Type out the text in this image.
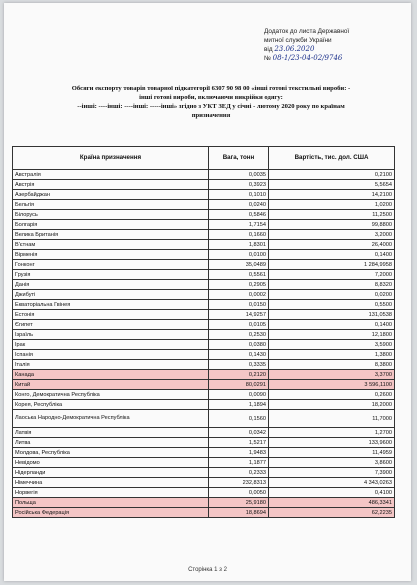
Додаток до листа Державної
митної служби України
від 23.06.2020
№ 08-1/23-04-02/9746
Обсяги експорту товарів товарної підкатегорії 6307 90 98 00 «інші готові текстильні вироби: -
інші готові вироби, включаючи викрійки одягу:
--інші: ----інші: ----інші: -----інші» згідно з УКТ ЗЕД у січні - лютому 2020 року по країнам
призначення
Країна призначення	Вага, тонн	Вартість, тис. дол. США
Австралія	0,0035	0,2100
Австрія	0,3923	5,5654
Азербайджан	0,1010	14,2100
Бельгія	0,0240	1,0200
Білорусь	0,5846	11,2500
Болгарія	1,7154	99,8800
Велика Британія	0,1660	3,2000
В'єтнам	1,8301	26,4000
Вірменія	0,0100	0,1400
Гонконг	35,0489	1 284,9958
Грузія	0,5561	7,2000
Данія	0,2905	8,8320
Джибуті	0,0002	0,0200
Екваторіальна Гвінея	0,0150	0,5500
Естонія	14,9257	131,0538
Єгипет	0,0105	0,1400
Ізраїль	0,2530	12,1800
Ірак	0,0380	3,5900
Іспанія	0,1430	1,3800
Італія	0,3335	8,3800
Канада	0,2120	3,3700
Китай	80,0291	3 596,1100
Конго, Демократична Республіка	0,0090	0,2600
Корея, Республіка	1,1894	18,2000
Лаоська Народно-Демократична Республіка	0,1560	11,7000
Латвія	0,0342	1,2700
Литва	1,5217	133,9600
Молдова, Республіка	1,9483	11,4959
Невідомо	1,1877	3,8600
Нідерланди	0,2333	7,3900
Німеччина	232,8313	4 343,0263
Норвегія	0,0050	0,4100
Польща	25,9180	486,3341
Російська Федерація	18,8694	62,2235
Сторінка 1 з 2
